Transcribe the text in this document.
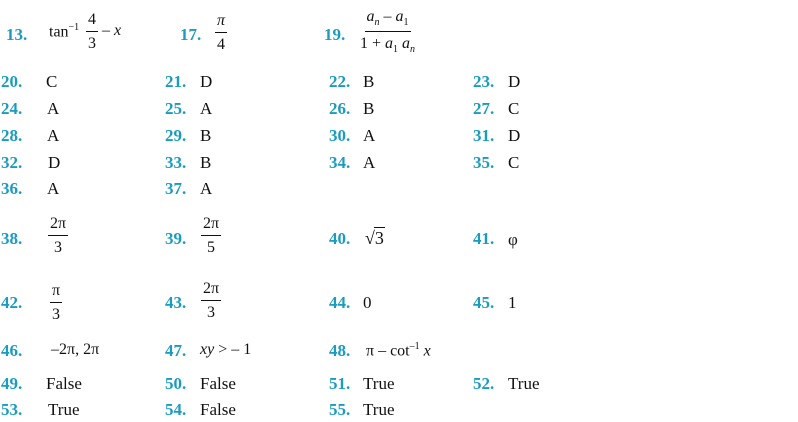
13. $\tan^{-1} \frac{4}{3}$ – x	17. $\frac{\pi}{4}$	19. $\frac{a_n - a_1}{1 + a_1 a_n}$
20. C	21. D	22. B	23. D
24. A	25. A	26. B	27. C
28. A	29. B	30. A	31. D
32. D	33. B	34. A	35. C
36. A	37. A
38. $\frac{2\pi}{3}$	39. $\frac{2\pi}{5}$	40. √3	41. φ
42. $\frac{\pi}{3}$	43. $\frac{2\pi}{3}$	44. 0	45. 1
46. –2π, 2π	47. xy > – 1	48. π – $\cot^{-1} x$
49. False	50. False	51. True	52. True
53. True	54. False	55. True
